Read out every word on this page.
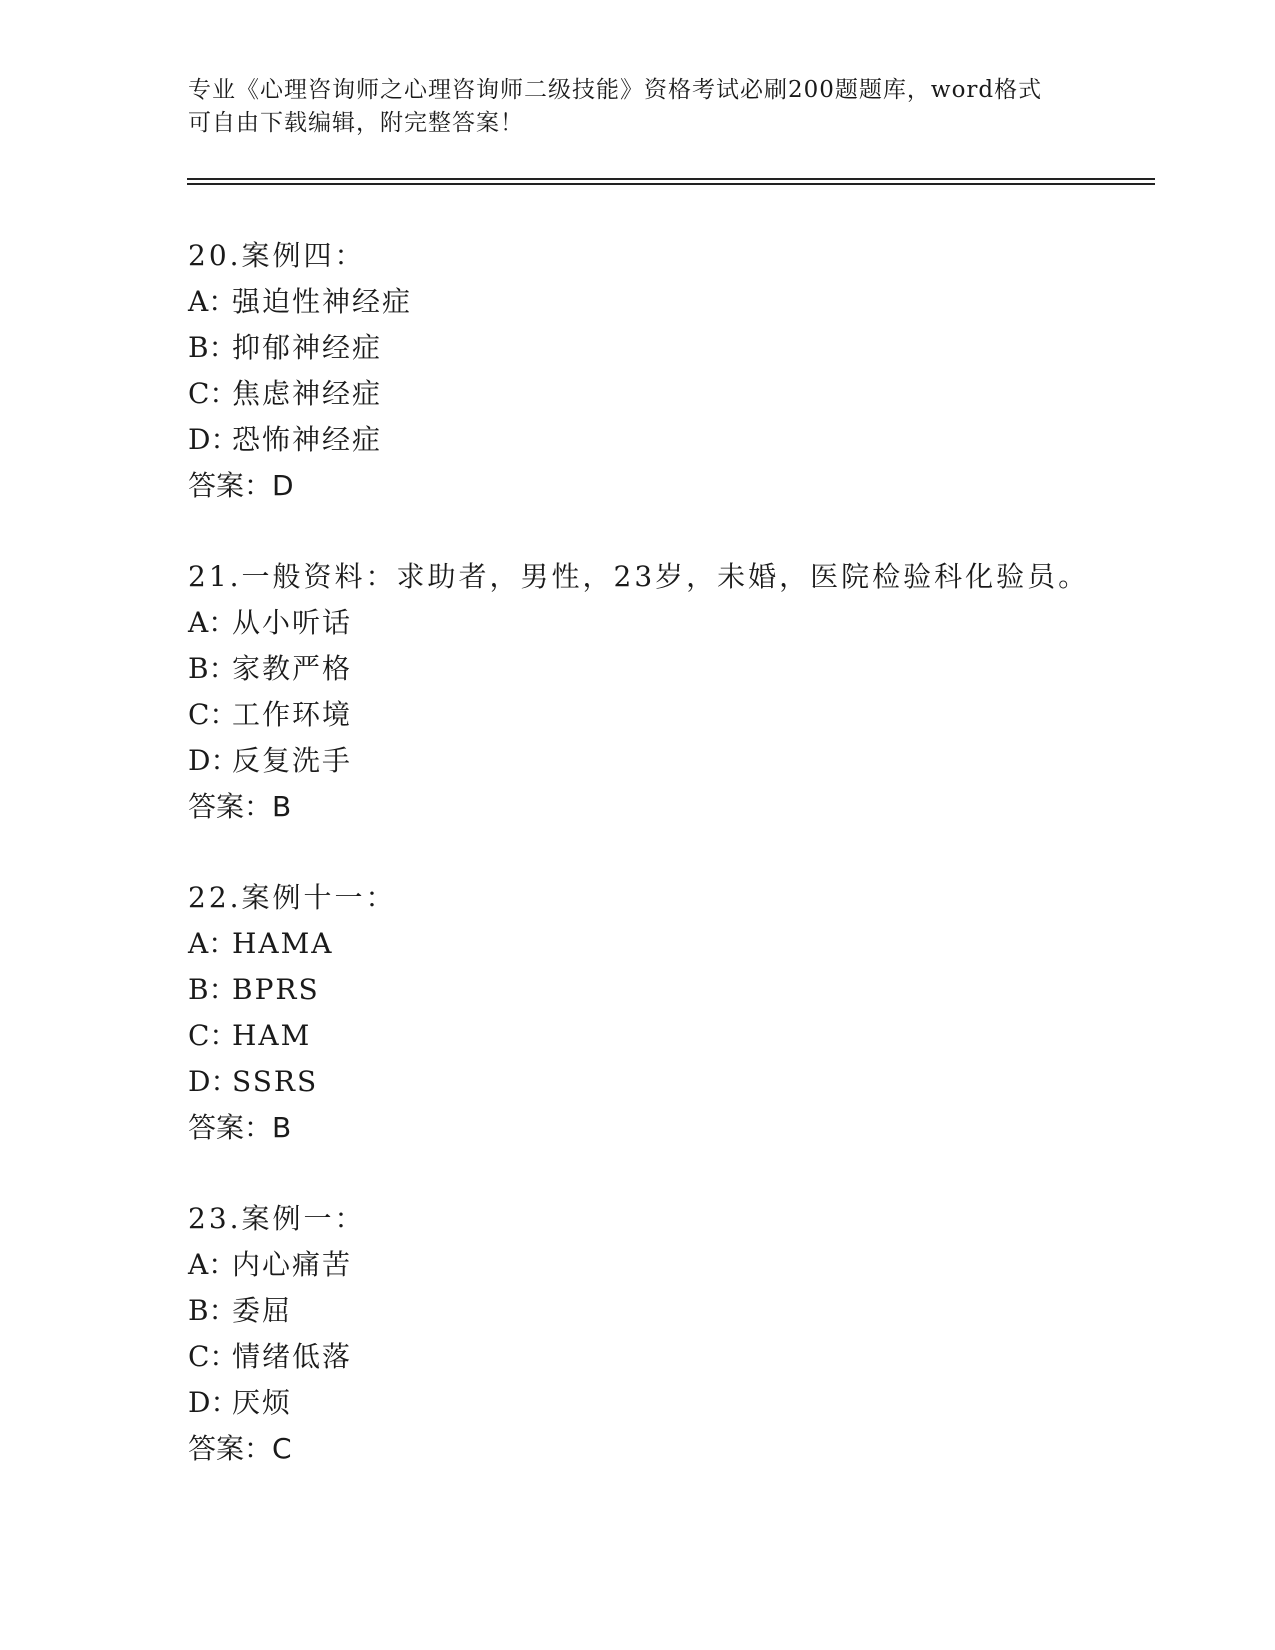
专业《心理咨询师之心理咨询师二级技能》资格考试必刷200题题库，word格式
可自由下载编辑，附完整答案！
20.案例四：
A：强迫性神经症
B：抑郁神经症
C：焦虑神经症
D：恐怖神经症
答案：D
21.一般资料：求助者，男性，23岁，未婚，医院检验科化验员。
A：从小听话
B：家教严格
C：工作环境
D：反复洗手
答案：B
22.案例十一：
A：HAMA
B：BPRS
C：HAM
D：SSRS
答案：B
23.案例一：
A：内心痛苦
B：委屈
C：情绪低落
D：厌烦
答案：C
